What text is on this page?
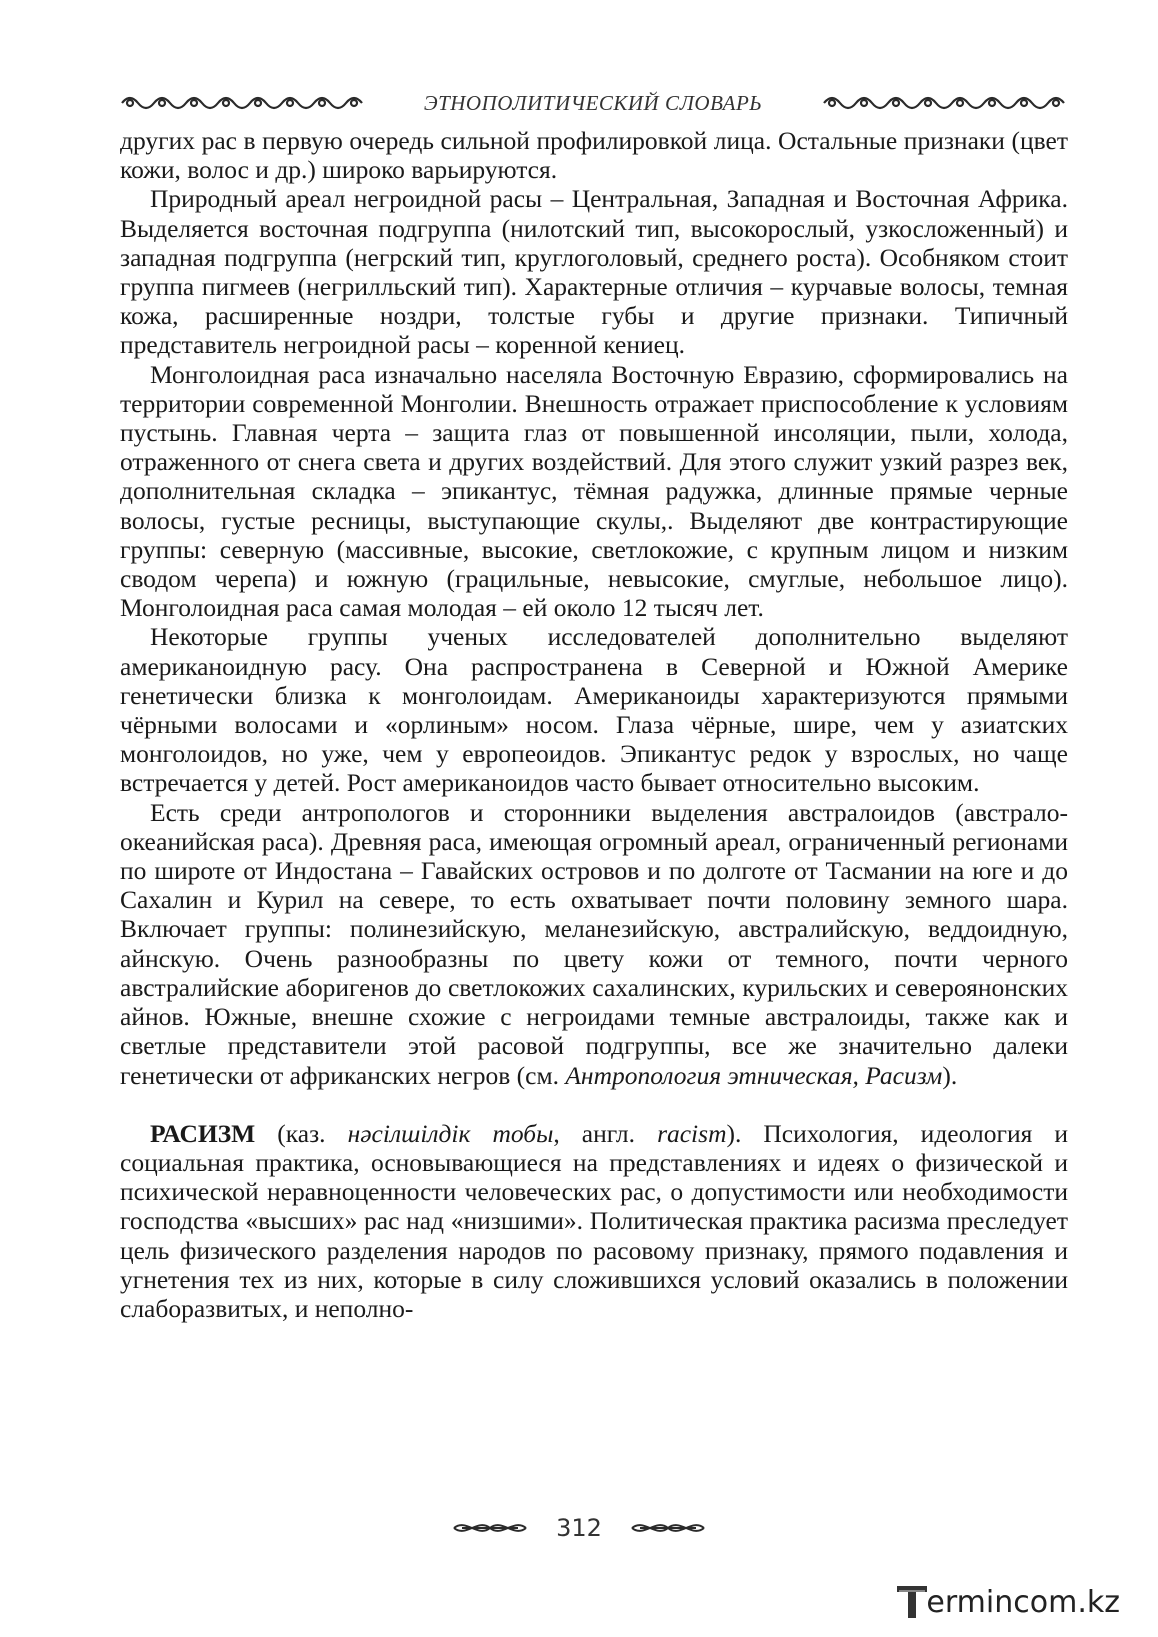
ЭТНОПОЛИТИЧЕСКИЙ СЛОВАРЬ

других рас в первую очередь сильной профилировкой лица. Остальные признаки (цвет кожи, волос и др.) широко варьируются.

Природный ареал негроидной расы – Центральная, Западная и Восточная Африка. Выделяется восточная подгруппа (нилотский тип, высокорослый, узкосложенный) и западная подгруппа (негрский тип, круглоголовый, среднего роста). Особняком стоит группа пигмеев (негрилльский тип). Характерные отличия – курчавые волосы, темная кожа, расширенные ноздри, толстые губы и другие признаки. Типичный представитель негроидной расы – коренной кениец.

Монголоидная раса изначально населяла Восточную Евразию, сформировались на территории современной Монголии. Внешность отражает приспособление к условиям пустынь. Главная черта – защита глаз от повышенной инсоляции, пыли, холода, отраженного от снега света и других воздействий. Для этого служит узкий разрез век, дополнительная складка – эпикантус, тёмная радужка, длинные прямые черные волосы, густые ресницы, выступающие скулы,. Выделяют две контрастирующие группы: северную (массивные, высокие, светлокожие, с крупным лицом и низким сводом черепа) и южную (грацильные, невысокие, смуглые, небольшое лицо). Монголоидная раса самая молодая – ей около 12 тысяч лет.

Некоторые группы ученых исследователей дополнительно выделяют американоидную расу. Она распространена в Северной и Южной Америке генетически близка к монголоидам. Американоиды характеризуются прямыми чёрными волосами и «орлиным» носом. Глаза чёрные, шире, чем у азиатских монголоидов, но уже, чем у европеоидов. Эпикантус редок у взрослых, но чаще встречается у детей. Рост американоидов часто бывает относительно высоким.

Есть среди антропологов и сторонники выделения австралоидов (австрало-океанийская раса). Древняя раса, имеющая огромный ареал, ограниченный регионами по широте от Индостана – Гавайских островов и по долготе от Тасмании на юге и до Сахалин и Курил на севере, то есть охватывает почти половину земного шара. Включает группы: полинезийскую, меланезийскую, австралийскую, веддоидную, айнскую. Очень разнообразны по цвету кожи от темного, почти черного австралийские аборигенов до светлокожих сахалинских, курильских и североянонских айнов. Южные, внешне схожие с негроидами темные австралоиды, также как и светлые представители этой расовой подгруппы, все же значительно далеки генетически от африканских негров (см. Антропология этническая, Расизм).

РАСИЗМ (каз. нәсілшілдік тобы, англ. racism). Психология, идеология и социальная практика, основывающиеся на представлениях и идеях о физической и психической неравноценности человеческих рас, о допустимости или необходимости господства «высших» рас над «низшими». Политическая практика расизма преследует цель физического разделения народов по расовому признаку, прямого подавления и угнетения тех из них, которые в силу сложившихся условий оказались в положении слаборазвитых, и неполно-

312
ermincom.kz
